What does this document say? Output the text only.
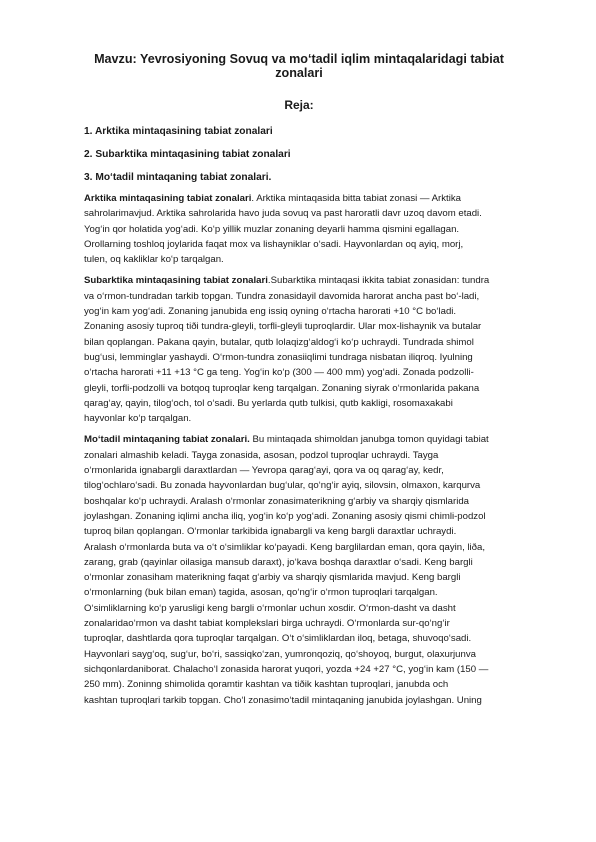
Mavzu: Yevrosiyoning Sovuq va mo‘tadil iqlim mintaqalaridagi tabiat zonalari
Reja:
1. Arktika mintaqasining tabiat zonalari
2. Subarktika mintaqasining tabiat zonalari
3. Mo‘tadil mintaqaning tabiat zonalari.
Arktika mintaqasining tabiat zonalari. Arktika mintaqasida bitta tabiat zonasi — Arktika
sahrolarimavjud. Arktika sahrolarida havo juda sovuq va past haroratli davr uzoq davom etadi.
Yog‘in qor holatida yog‘adi. Ko‘p yillik muzlar zonaning deyarli hamma qismini egallagan.
Orollarning toshloq joylarida faqat mox va lishayniklar o‘sadi. Hayvonlardan oq ayiq, morj,
tulen, oq kakliklar ko‘p tarqalgan.
Subarktika mintaqasining tabiat zonalari.Subarktika mintaqasi ikkita tabiat zonasidan: tundra
va o‘rmon-tundradan tarkib topgan. Tundra zonasidayil davomida harorat ancha past bo‘-ladi,
yog‘in kam yog‘adi. Zonaning janubida eng issiq oyning o‘rtacha harorati +10 °C bo‘ladi.
Zonaning asosiy tuproq tiði tundra-gleyli, torfli-gleyli tuproqlardir. Ular mox-lishaynik va butalar
bilan qoplangan. Pakana qayin, butalar, qutb lolaqizg‘aldog‘i ko‘p uchraydi. Tundrada shimol
bug‘usi, lemminglar yashaydi. O‘rmon-tundra zonasiiqlimi tundraga nisbatan iliqroq. Iyulning
o‘rtacha harorati +11 +13 °C ga teng. Yog‘in ko‘p (300 — 400 mm) yog‘adi. Zonada podzolli-
gleyli, torfli-podzolli va botqoq tuproqlar keng tarqalgan. Zonaning siyrak o‘rmonlarida pakana
qarag‘ay, qayin, tilog‘och, tol o‘sadi. Bu yerlarda qutb tulkisi, qutb kakligi, rosomaxakabi
hayvonlar ko‘p tarqalgan.
Mo‘tadil mintaqaning tabiat zonalari. Bu mintaqada shimoldan janubga tomon quyidagi tabiat
zonalari almashib keladi. Tayga zonasida, asosan, podzol tuproqlar uchraydi. Tayga
o‘rmonlarida ignabargli daraxtlardan — Yevropa qarag‘ayi, qora va oq qarag‘ay, kedr,
tilog‘ochlaro‘sadi. Bu zonada hayvonlardan bug‘ular, qo‘ng‘ir ayiq, silovsin, olmaxon, karqurva
boshqalar ko‘p uchraydi. Aralash o‘rmonlar zonasimaterikning g‘arbiy va sharqiy qismlarida
joylashgan. Zonaning iqlimi ancha iliq, yog‘in ko‘p yog‘adi. Zonaning asosiy qismi chimli-podzol
tuproq bilan qoplangan. O‘rmonlar tarkibida ignabargli va keng bargli daraxtlar uchraydi.
Aralash o‘rmonlarda buta va o‘t o‘simliklar ko‘payadi. Keng barglilardan eman, qora qayin, liða,
zarang, grab (qayinlar oilasiga mansub daraxt), jo‘kava boshqa daraxtlar o‘sadi. Keng bargli
o‘rmonlar zonasiham materikning faqat g‘arbiy va sharqiy qismlarida mavjud. Keng bargli
o‘rmonlarning (buk bilan eman) tagida, asosan, qo‘ng‘ir o‘rmon tuproqlari tarqalgan.
O‘simliklarning ko‘p yarusligi keng bargli o‘rmonlar uchun xosdir. O‘rmon-dasht va dasht
zonalaridao‘rmon va dasht tabiat komplekslari birga uchraydi. O‘rmonlarda sur-qo‘ng‘ir
tuproqlar, dashtlarda qora tuproqlar tarqalgan. O‘t o‘simliklardan iloq, betaga, shuvoqo‘sadi.
Hayvonlari sayg‘oq, sug‘ur, bo‘ri, sassiqko‘zan, yumronqoziq, qo‘shoyoq, burgut, olaxurjunva
sichqonlardaniborat. Chalacho‘l zonasida harorat yuqori, yozda +24 +27 °C, yog‘in kam (150 —
250 mm). Zoninng shimolida qoramtir kashtan va tiðik kashtan tuproqlari, janubda och
kashtan tuproqlari tarkib topgan. Cho‘l zonasimo‘tadil mintaqaning janubida joylashgan. Uning
